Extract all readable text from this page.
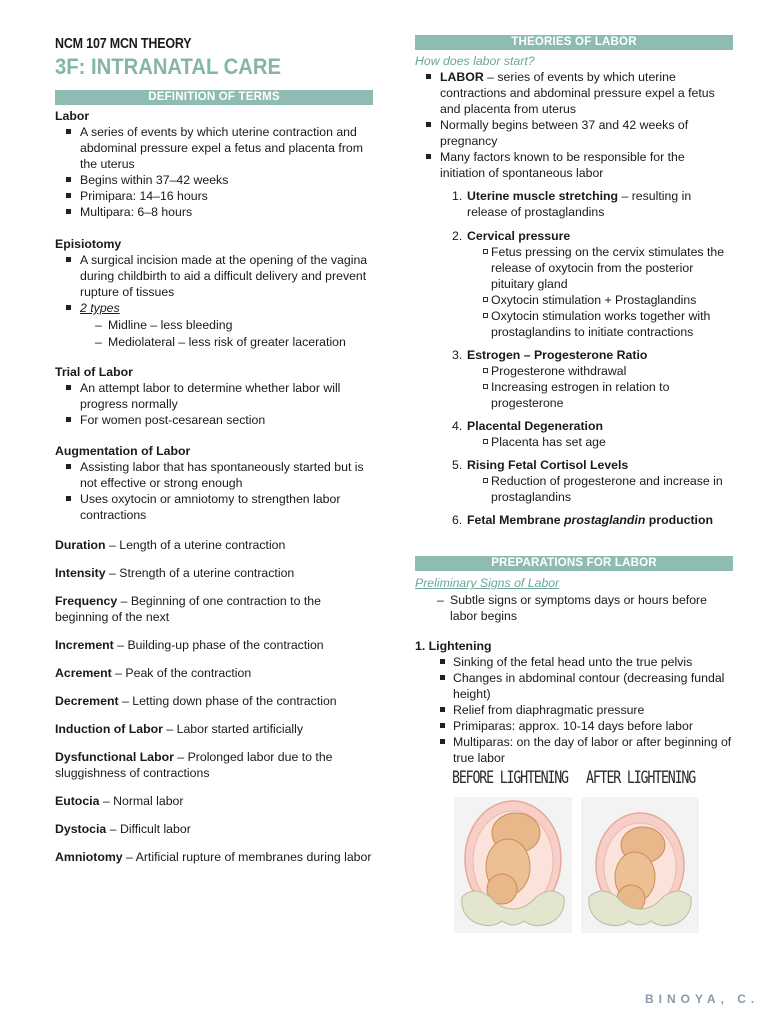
NCM 107 MCN THEORY
3F: INTRANATAL CARE
DEFINITION OF TERMS
Labor
A series of events by which uterine contraction and abdominal pressure expel a fetus and placenta from the uterus
Begins within 37–42 weeks
Primipara: 14–16 hours
Multipara: 6–8 hours
Episiotomy
A surgical incision made at the opening of the vagina during childbirth to aid a difficult delivery and prevent rupture of tissues
2 types
– Midline – less bleeding
– Mediolateral – less risk of greater laceration
Trial of Labor
An attempt labor to determine whether labor will progress normally
For women post-cesarean section
Augmentation of Labor
Assisting labor that has spontaneously started but is not effective or strong enough
Uses oxytocin or amniotomy to strengthen labor contractions
Duration – Length of a uterine contraction
Intensity – Strength of a uterine contraction
Frequency – Beginning of one contraction to the beginning of the next
Increment – Building-up phase of the contraction
Acrement – Peak of the contraction
Decrement – Letting down phase of the contraction
Induction of Labor – Labor started artificially
Dysfunctional Labor – Prolonged labor due to the sluggishness of contractions
Eutocia – Normal labor
Dystocia – Difficult labor
Amniotomy – Artificial rupture of membranes during labor
THEORIES OF LABOR
How does labor start?
LABOR – series of events by which uterine contractions and abdominal pressure expel a fetus and placenta from uterus
Normally begins between 37 and 42 weeks of pregnancy
Many factors known to be responsible for the initiation of spontaneous labor
1. Uterine muscle stretching – resulting in release of prostaglandins
2. Cervical pressure
Fetus pressing on the cervix stimulates the release of oxytocin from the posterior pituitary gland
Oxytocin stimulation + Prostaglandins
Oxytocin stimulation works together with prostaglandins to initiate contractions
3. Estrogen – Progesterone Ratio
Progesterone withdrawal
Increasing estrogen in relation to progesterone
4. Placental Degeneration
Placenta has set age
5. Rising Fetal Cortisol Levels
Reduction of progesterone and increase in prostaglandins
6. Fetal Membrane prostaglandin production
PREPARATIONS FOR LABOR
Preliminary Signs of Labor
– Subtle signs or symptoms days or hours before labor begins
1. Lightening
Sinking of the fetal head unto the true pelvis
Changes in abdominal contour (decreasing fundal height)
Relief from diaphragmatic pressure
Primiparas: approx. 10-14 days before labor
Multiparas: on the day of labor or after beginning of true labor
BEFORE LIGHTENING AFTER LIGHTENING
BINOYA, C.
